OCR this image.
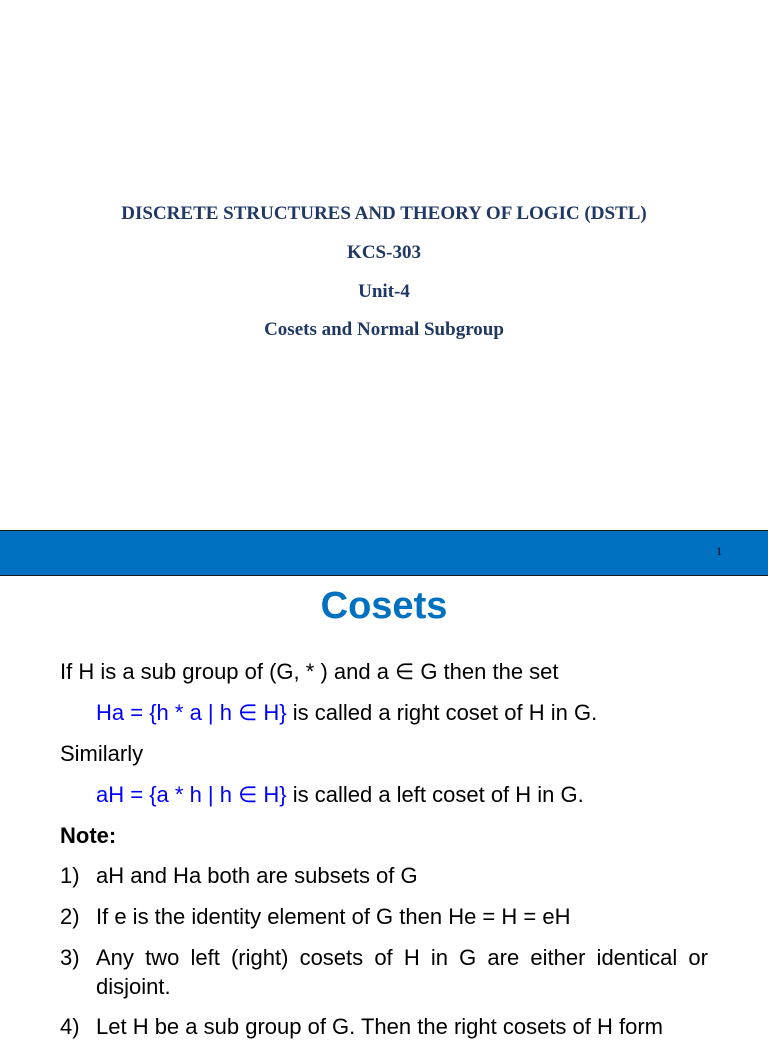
DISCRETE STRUCTURES AND THEORY OF LOGIC (DSTL)
KCS-303
Unit-4
Cosets and Normal Subgroup
1
Cosets
If H is a sub group of (G, * ) and a ∈ G then the set
Ha = {h * a | h ∈ H} is called a right coset of H in G.
Similarly
aH = {a * h | h ∈ H} is called a left coset of H in G.
Note:
1) aH and Ha both are subsets of G
2) If e is the identity element of G then He = H = eH
3) Any two left (right) cosets of H in G are either identical or disjoint.
4) Let H be a sub group of G. Then the right cosets of H form
